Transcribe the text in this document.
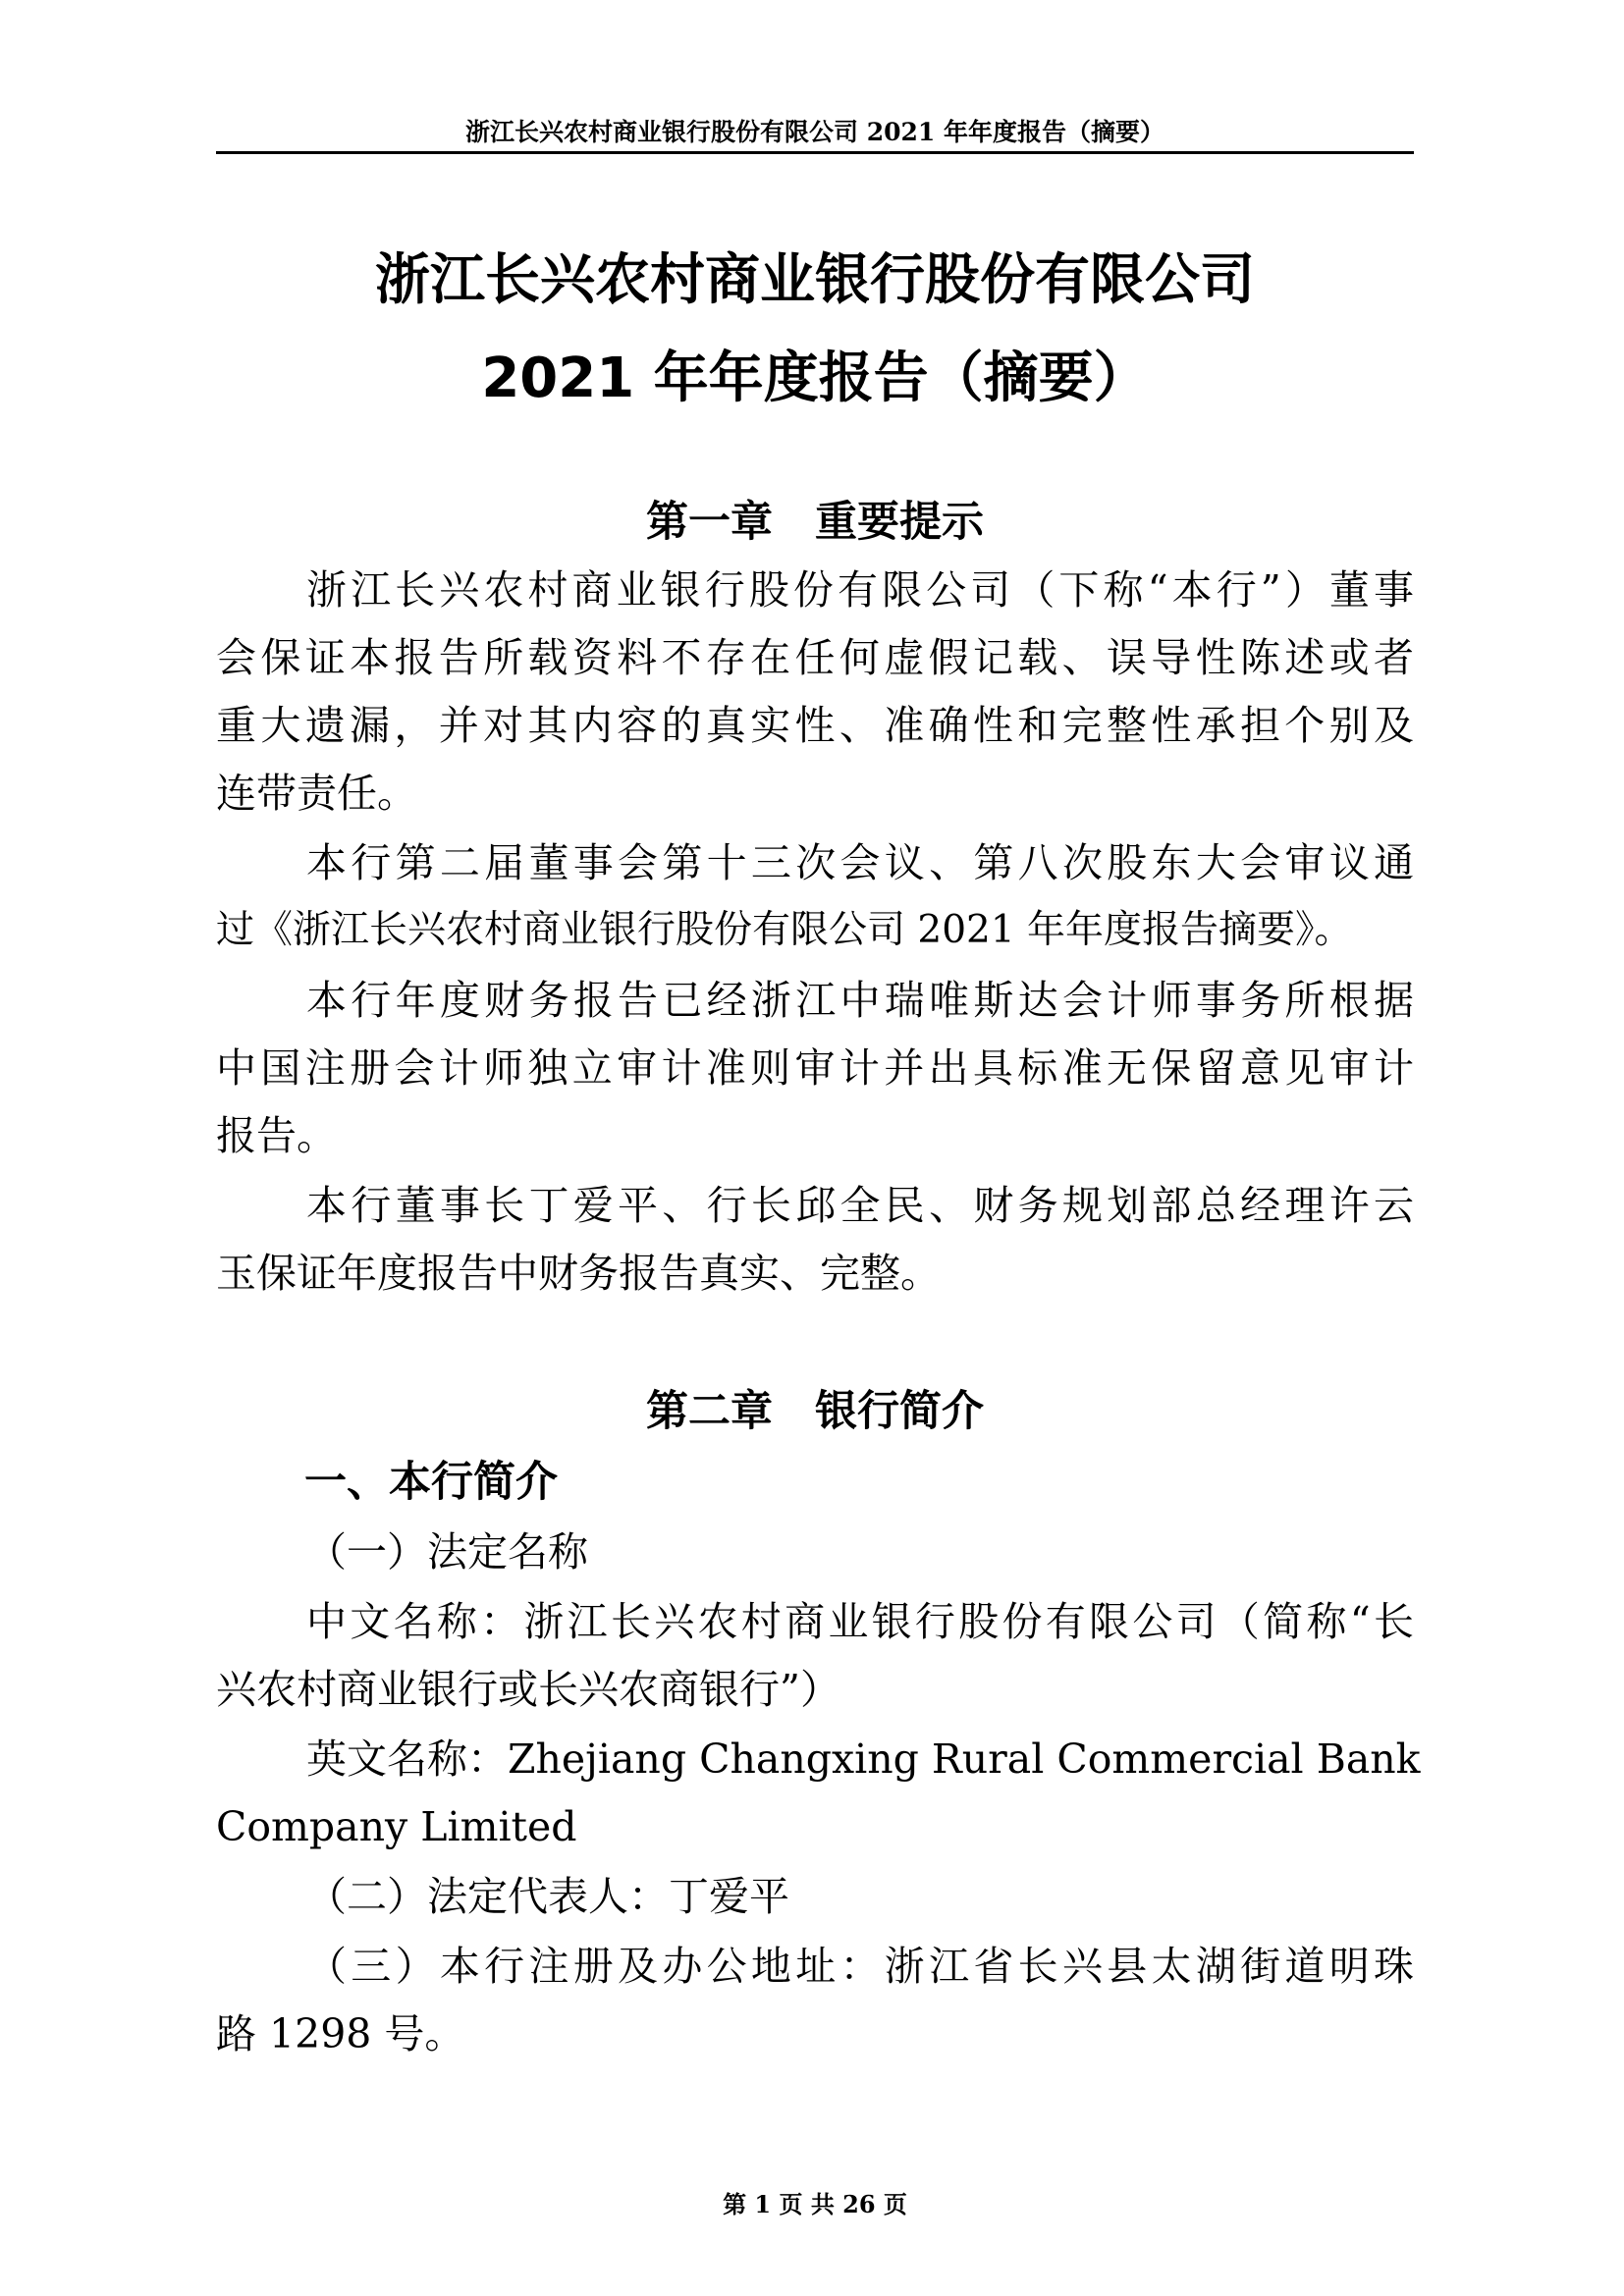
浙江长兴农村商业银行股份有限公司 2021 年年度报告（摘要）
浙江长兴农村商业银行股份有限公司
2021 年年度报告（摘要）
第一章　重要提示
浙江长兴农村商业银行股份有限公司（下称“本行”）董事
会保证本报告所载资料不存在任何虚假记载、误导性陈述或者
重大遗漏，并对其内容的真实性、准确性和完整性承担个别及
连带责任。
本行第二届董事会第十三次会议、第八次股东大会审议通
过《浙江长兴农村商业银行股份有限公司 2021 年年度报告摘要》。
本行年度财务报告已经浙江中瑞唯斯达会计师事务所根据
中国注册会计师独立审计准则审计并出具标准无保留意见审计
报告。
本行董事长丁爱平、行长邱全民、财务规划部总经理许云
玉保证年度报告中财务报告真实、完整。
第二章　银行简介
一、本行简介
（一）法定名称
中文名称：浙江长兴农村商业银行股份有限公司（简称“长
兴农村商业银行或长兴农商银行”）
英文名称：Zhejiang Changxing Rural Commercial Bank
Company Limited
（二）法定代表人：丁爱平
（三）本行注册及办公地址：浙江省长兴县太湖街道明珠
路 1298 号。
第 1 页 共 26 页
